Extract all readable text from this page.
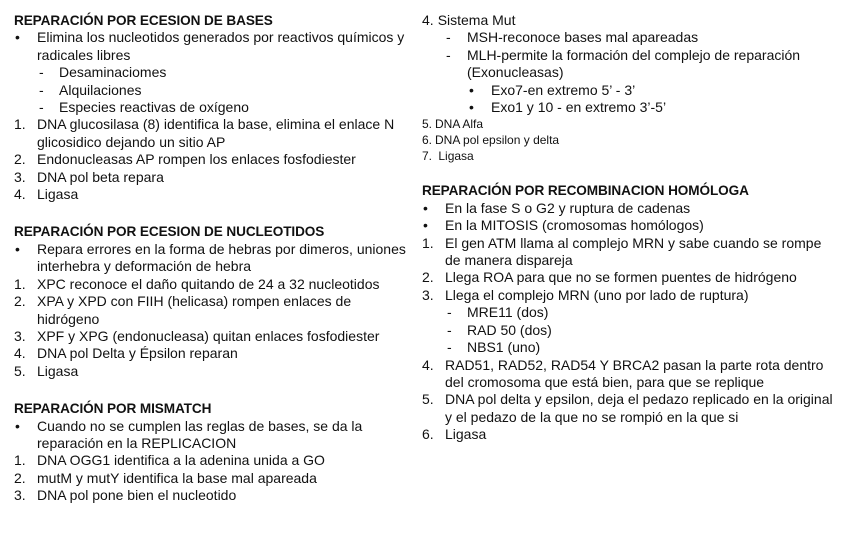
REPARACIÓN POR ECESION DE BASES
• Elimina los nucleotidos generados por reactivos químicos y radicales libres
- Desaminaciomes
- Alquilaciones
- Especies reactivas de oxígeno
1. DNA glucosilasa (8) identifica la base, elimina el enlace N glicosidico dejando un sitio AP
2. Endonucleasas AP rompen los enlaces fosfodiester
3. DNA pol beta repara
4. Ligasa
REPARACIÓN POR ECESION DE NUCLEOTIDOS
• Repara errores en la forma de hebras por dimeros, uniones interhebra y deformación de hebra
1. XPC reconoce el daño quitando de 24 a 32 nucleotidos
2. XPA y XPD con FIIH (helicasa) rompen enlaces de hidrógeno
3. XPF y XPG (endonucleasa) quitan enlaces fosfodiester
4. DNA pol Delta y Épsilon reparan
5. Ligasa
REPARACIÓN POR MISMATCH
• Cuando no se cumplen las reglas de bases, se da la reparación en la REPLICACION
1. DNA OGG1 identifica a la adenina unida a GO
2. mutM y mutY identifica la base mal apareada
3. DNA pol pone bien el nucleotido
4. Sistema Mut
- MSH-reconoce bases mal apareadas
- MLH-permite la formación del complejo de reparación (Exonucleasas)
• Exo7-en extremo 5’ - 3’
• Exo1 y 10 - en extremo 3’-5’
5. DNA Alfa
6. DNA pol epsilon y delta
7. Ligasa
REPARACIÓN POR RECOMBINACION HOMÓLOGA
• En la fase S o G2 y ruptura de cadenas
• En la MITOSIS (cromosomas homólogos)
1. El gen ATM llama al complejo MRN y sabe cuando se rompe de manera dispareja
2. Llega ROA para que no se formen puentes de hidrógeno
3. Llega el complejo MRN (uno por lado de ruptura)
- MRE11 (dos)
- RAD 50 (dos)
- NBS1 (uno)
4. RAD51, RAD52, RAD54 Y BRCA2 pasan la parte rota dentro del cromosoma que está bien, para que se replique
5. DNA pol delta y epsilon, deja el pedazo replicado en la original y el pedazo de la que no se rompió en la que si
6. Ligasa
